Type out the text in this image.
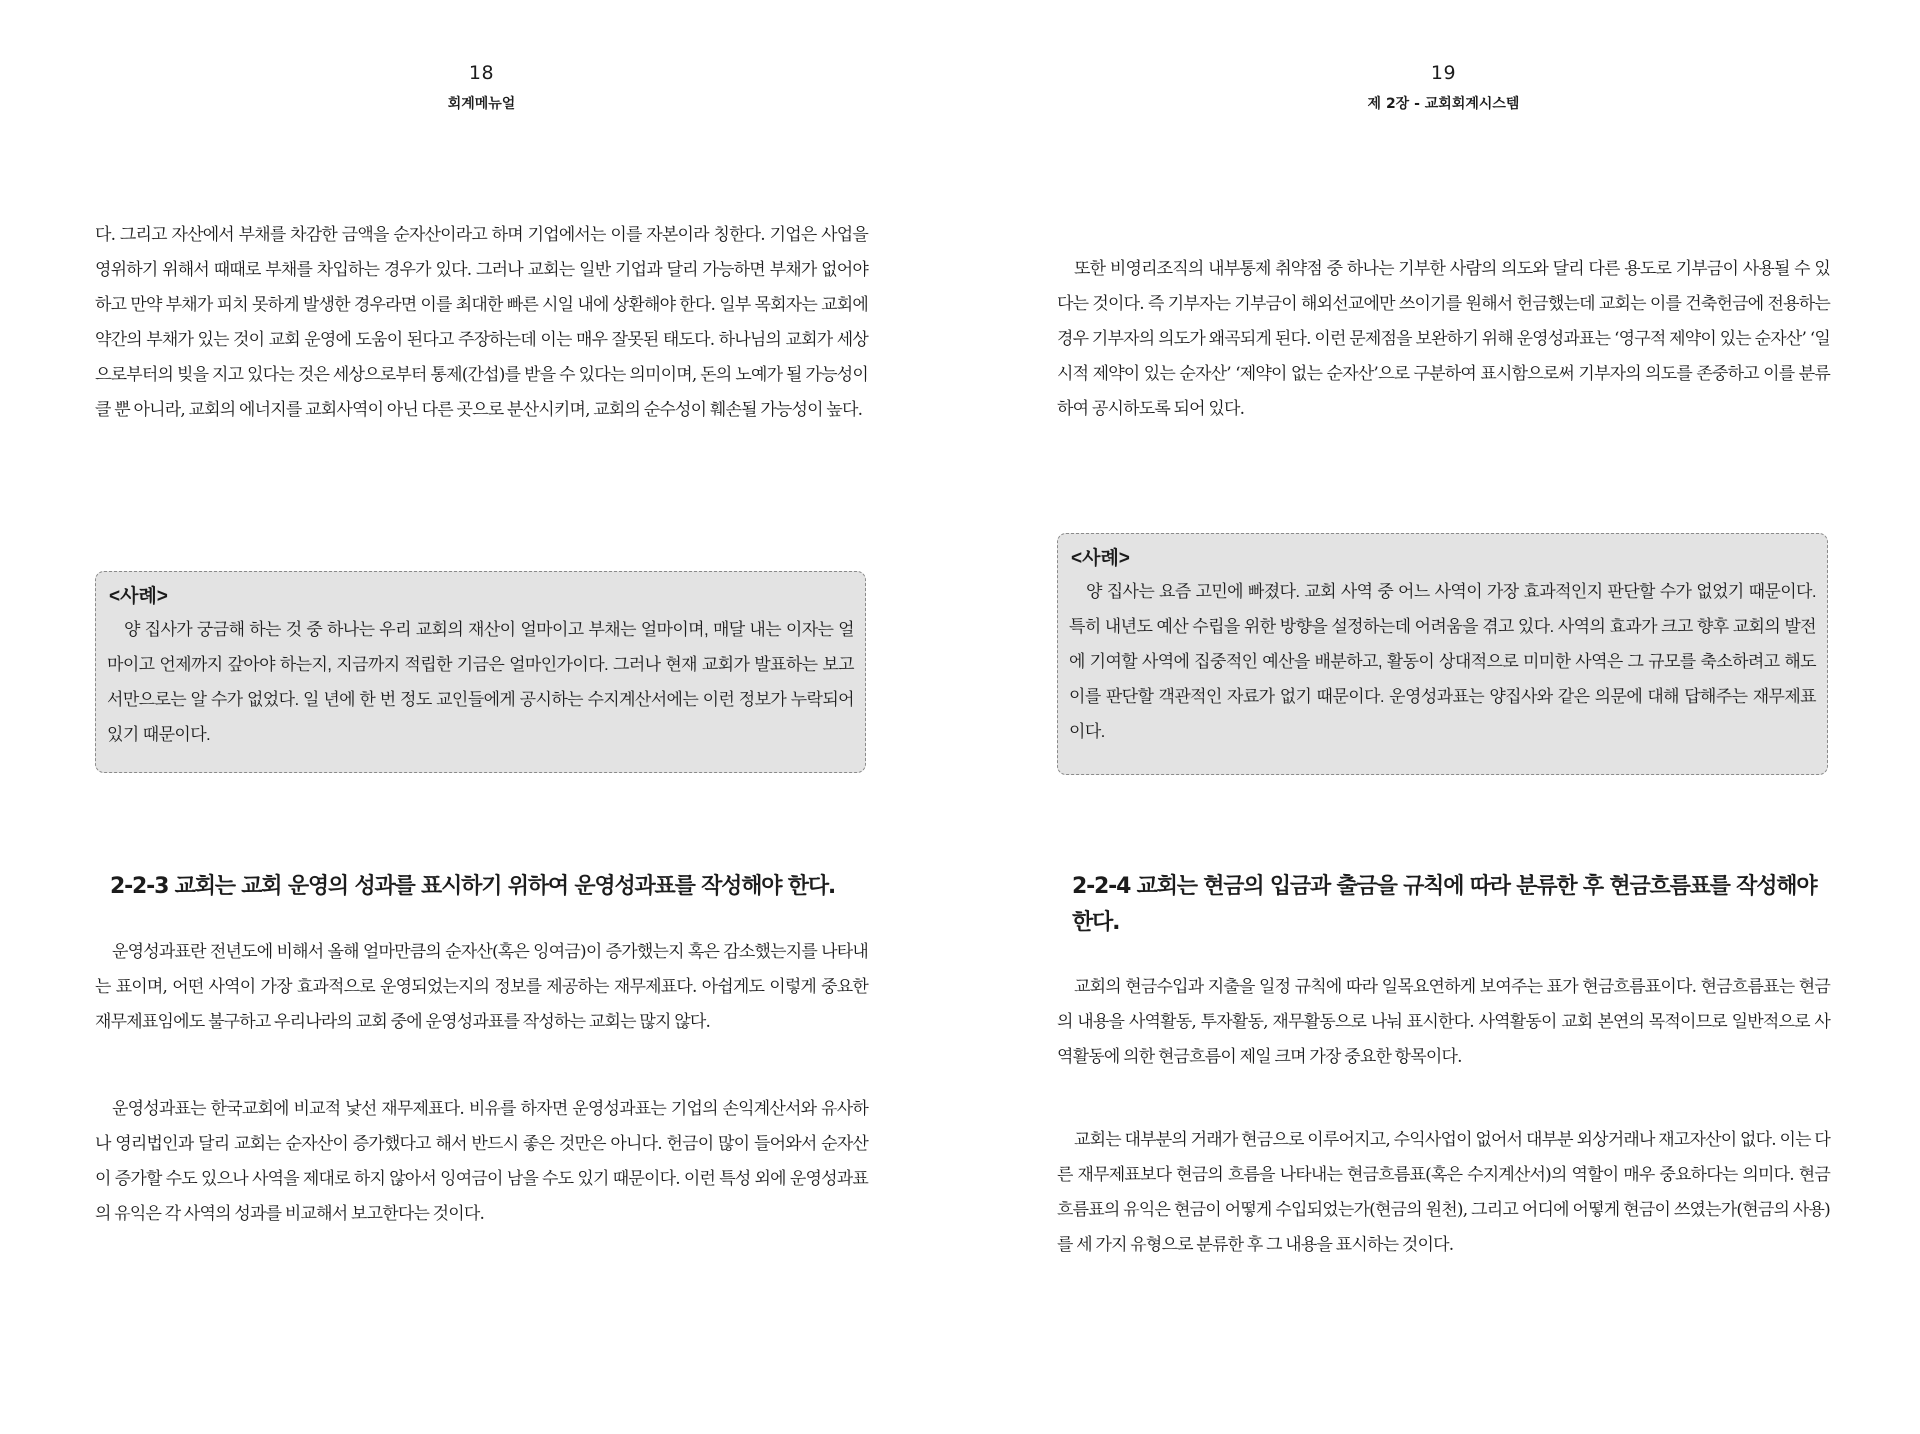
18
회계메뉴얼

다. 그리고 자산에서 부채를 차감한 금액을 순자산이라고 하며 기업에서는 이를 자본이라 칭한다. 기업은 사업을 영위하기 위해서 때때로 부채를 차입하는 경우가 있다. 그러나 교회는 일반 기업과 달리 가능하면 부채가 없어야 하고 만약 부채가 피치 못하게 발생한 경우라면 이를 최대한 빠른 시일 내에 상환해야 한다. 일부 목회자는 교회에 약간의 부채가 있는 것이 교회 운영에 도움이 된다고 주장하는데 이는 매우 잘못된 태도다. 하나님의 교회가 세상으로부터의 빚을 지고 있다는 것은 세상으로부터 통제(간섭)를 받을 수 있다는 의미이며, 돈의 노예가 될 가능성이 클 뿐 아니라, 교회의 에너지를 교회사역이 아닌 다른 곳으로 분산시키며, 교회의 순수성이 훼손될 가능성이 높다.

<사례>

양 집사가 궁금해 하는 것 중 하나는 우리 교회의 재산이 얼마이고 부채는 얼마이며, 매달 내는 이자는 얼마이고 언제까지 갚아야 하는지, 지금까지 적립한 기금은 얼마인가이다. 그러나 현재 교회가 발표하는 보고서만으로는 알 수가 없었다. 일 년에 한 번 정도 교인들에게 공시하는 수지계산서에는 이런 정보가 누락되어 있기 때문이다.

2-2-3 교회는 교회 운영의 성과를 표시하기 위하여 운영성과표를 작성해야 한다.

운영성과표란 전년도에 비해서 올해 얼마만큼의 순자산(혹은 잉여금)이 증가했는지 혹은 감소했는지를 나타내는 표이며, 어떤 사역이 가장 효과적으로 운영되었는지의 정보를 제공하는 재무제표다. 아쉽게도 이렇게 중요한 재무제표임에도 불구하고 우리나라의 교회 중에 운영성과표를 작성하는 교회는 많지 않다.

운영성과표는 한국교회에 비교적 낯선 재무제표다. 비유를 하자면 운영성과표는 기업의 손익계산서와 유사하나 영리법인과 달리 교회는 순자산이 증가했다고 해서 반드시 좋은 것만은 아니다. 헌금이 많이 들어와서 순자산이 증가할 수도 있으나 사역을 제대로 하지 않아서 잉여금이 남을 수도 있기 때문이다. 이런 특성 외에 운영성과표의 유익은 각 사역의 성과를 비교해서 보고한다는 것이다.

19
제 2장 - 교회회계시스템

또한 비영리조직의 내부통제 취약점 중 하나는 기부한 사람의 의도와 달리 다른 용도로 기부금이 사용될 수 있다는 것이다. 즉 기부자는 기부금이 해외선교에만 쓰이기를 원해서 헌금했는데 교회는 이를 건축헌금에 전용하는 경우 기부자의 의도가 왜곡되게 된다. 이런 문제점을 보완하기 위해 운영성과표는 ‘영구적 제약이 있는 순자산’ ‘일시적 제약이 있는 순자산’ ‘제약이 없는 순자산’으로 구분하여 표시함으로써 기부자의 의도를 존중하고 이를 분류하여 공시하도록 되어 있다.

<사례>

양 집사는 요즘 고민에 빠졌다. 교회 사역 중 어느 사역이 가장 효과적인지 판단할 수가 없었기 때문이다. 특히 내년도 예산 수립을 위한 방향을 설정하는데 어려움을 겪고 있다. 사역의 효과가 크고 향후 교회의 발전에 기여할 사역에 집중적인 예산을 배분하고, 활동이 상대적으로 미미한 사역은 그 규모를 축소하려고 해도 이를 판단할 객관적인 자료가 없기 때문이다. 운영성과표는 양집사와 같은 의문에 대해 답해주는 재무제표이다.

2-2-4 교회는 현금의 입금과 출금을 규칙에 따라 분류한 후 현금흐름표를 작성해야 한다.

교회의 현금수입과 지출을 일정 규칙에 따라 일목요연하게 보여주는 표가 현금흐름표이다. 현금흐름표는 현금의 내용을 사역활동, 투자활동, 재무활동으로 나눠 표시한다. 사역활동이 교회 본연의 목적이므로 일반적으로 사역활동에 의한 현금흐름이 제일 크며 가장 중요한 항목이다.

교회는 대부분의 거래가 현금으로 이루어지고, 수익사업이 없어서 대부분 외상거래나 재고자산이 없다. 이는 다른 재무제표보다 현금의 흐름을 나타내는 현금흐름표(혹은 수지계산서)의 역할이 매우 중요하다는 의미다. 현금흐름표의 유익은 현금이 어떻게 수입되었는가(현금의 원천), 그리고 어디에 어떻게 현금이 쓰였는가(현금의 사용)를 세 가지 유형으로 분류한 후 그 내용을 표시하는 것이다.
